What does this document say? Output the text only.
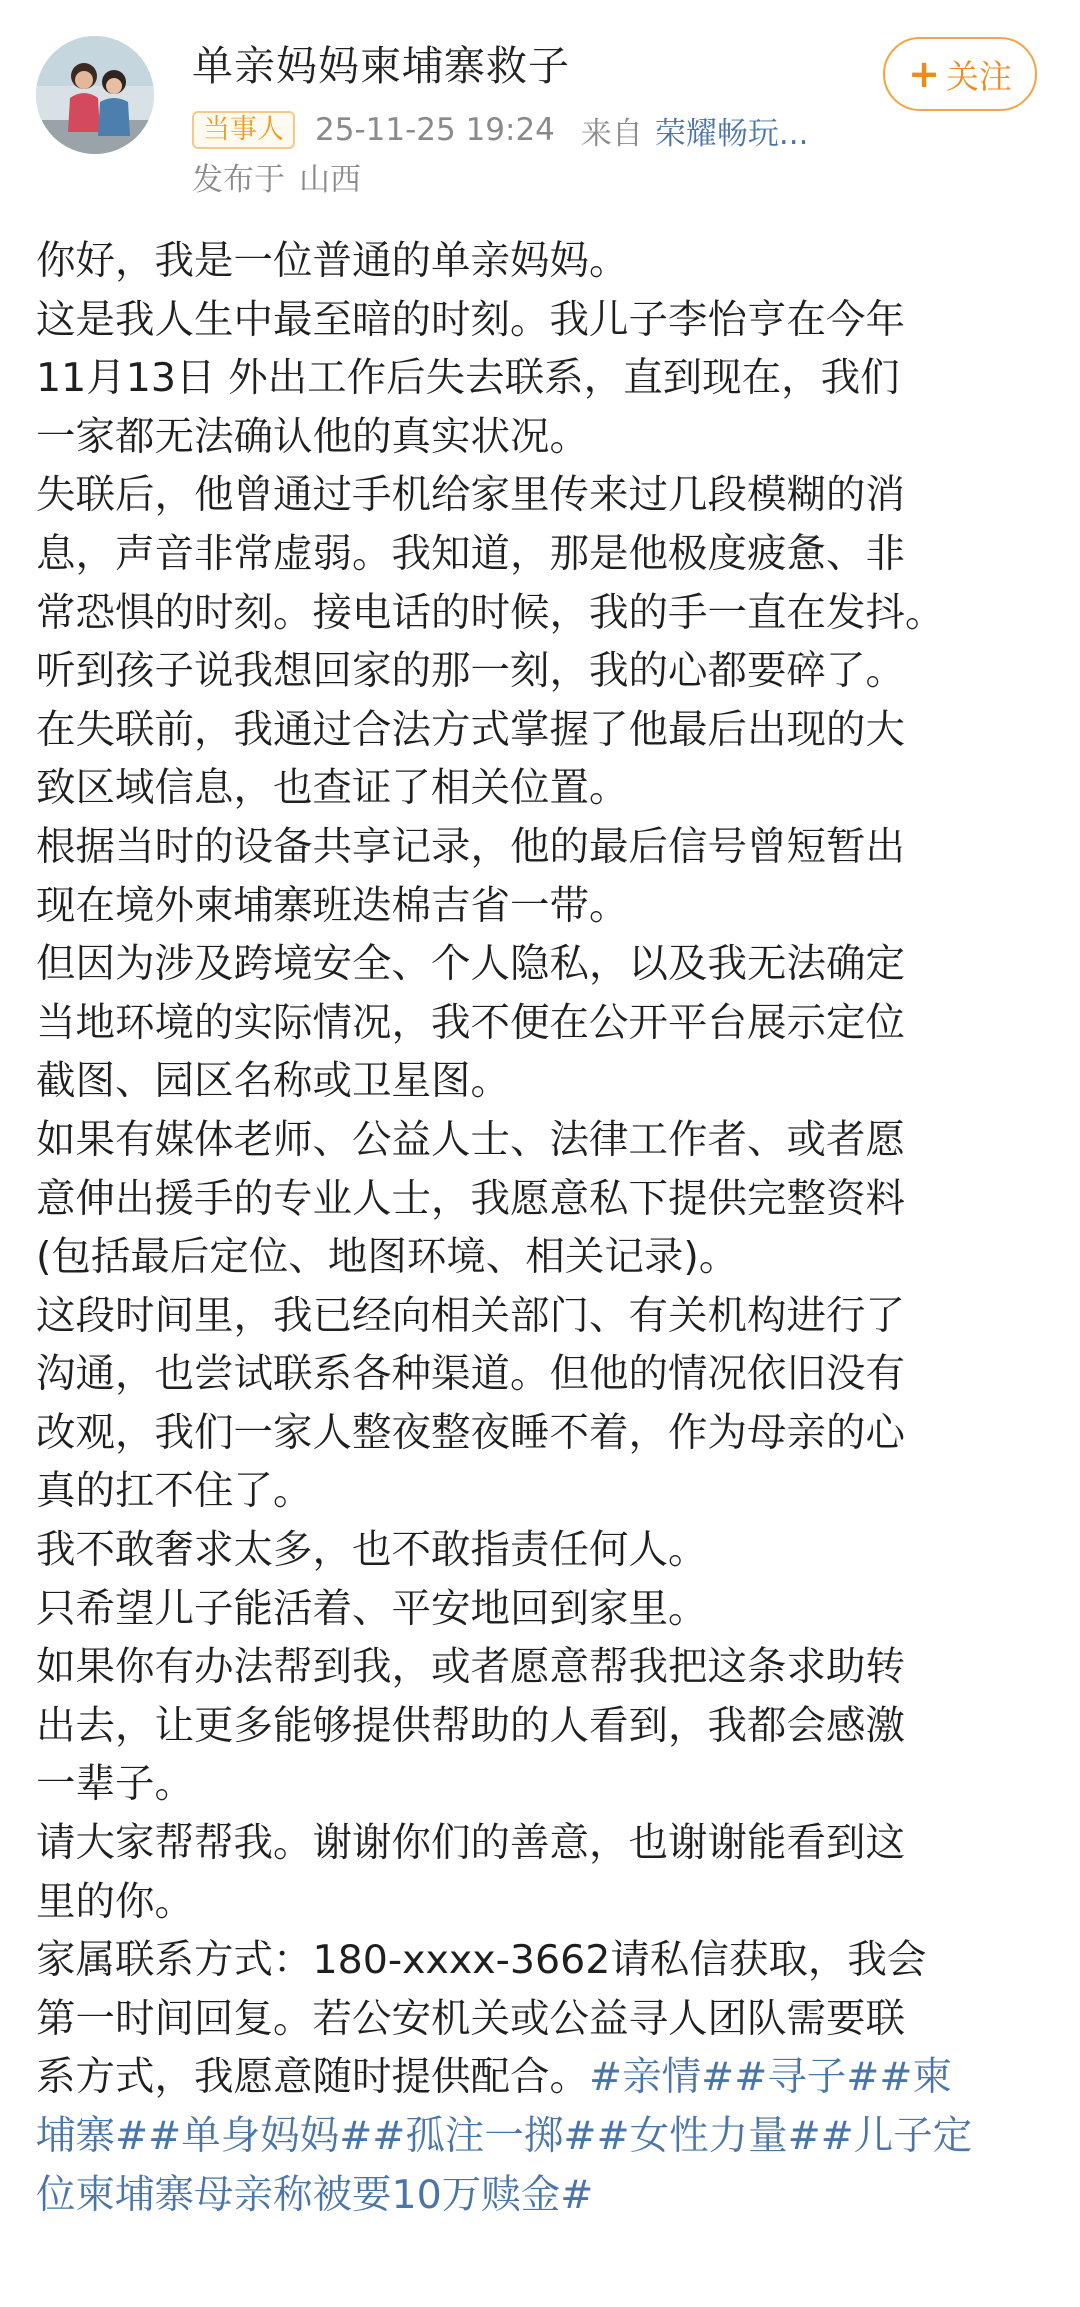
单亲妈妈柬埔寨救子
当事人	25-11-25 19:24 来自 荣耀畅玩...
发布于 山西
+ 关注
你好，我是一位普通的单亲妈妈。
这是我人生中最至暗的时刻。我儿子李怡亨在今年
11月13日 外出工作后失去联系，直到现在，我们
一家都无法确认他的真实状况。
失联后，他曾通过手机给家里传来过几段模糊的消
息，声音非常虚弱。我知道，那是他极度疲惫、非
常恐惧的时刻。接电话的时候，我的手一直在发抖。
听到孩子说我想回家的那一刻，我的心都要碎了。
在失联前，我通过合法方式掌握了他最后出现的大
致区域信息，也查证了相关位置。
根据当时的设备共享记录，他的最后信号曾短暂出
现在境外柬埔寨班迭棉吉省一带。
但因为涉及跨境安全、个人隐私，以及我无法确定
当地环境的实际情况，我不便在公开平台展示定位
截图、园区名称或卫星图。
如果有媒体老师、公益人士、法律工作者、或者愿
意伸出援手的专业人士，我愿意私下提供完整资料
(包括最后定位、地图环境、相关记录)。
这段时间里，我已经向相关部门、有关机构进行了
沟通，也尝试联系各种渠道。但他的情况依旧没有
改观，我们一家人整夜整夜睡不着，作为母亲的心
真的扛不住了。
我不敢奢求太多，也不敢指责任何人。
只希望儿子能活着、平安地回到家里。
如果你有办法帮到我，或者愿意帮我把这条求助转
出去，让更多能够提供帮助的人看到，我都会感激
一辈子。
请大家帮帮我。谢谢你们的善意，也谢谢能看到这
里的你。
家属联系方式：180-xxxx-3662请私信获取，我会
第一时间回复。若公安机关或公益寻人团队需要联
系方式，我愿意随时提供配合。#亲情##寻子##柬
埔寨##单身妈妈##孤注一掷##女性力量##儿子定
位柬埔寨母亲称被要10万赎金#
